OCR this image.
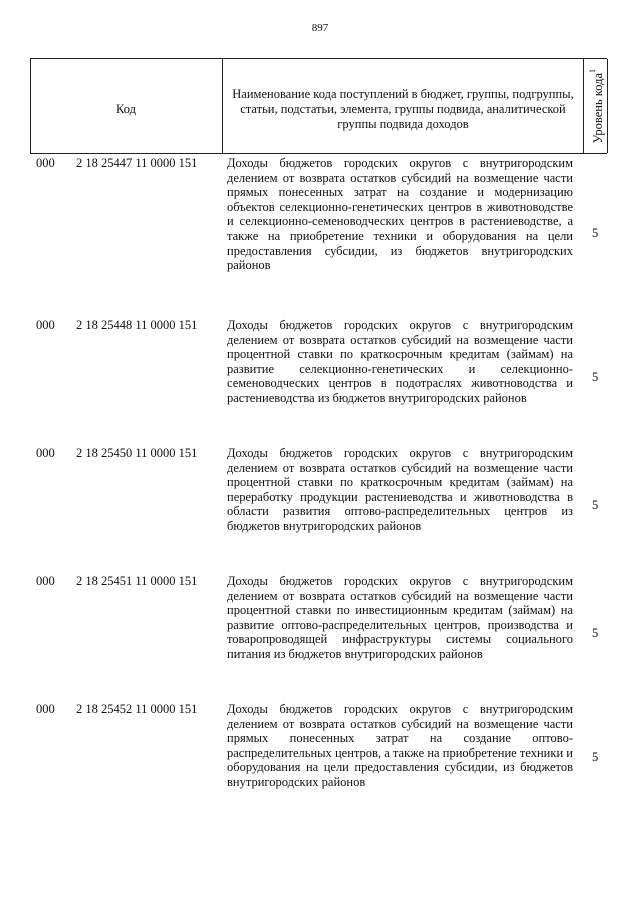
897
Код
Наименование кода поступлений в бюджет, группы, подгруппы, статьи, подстатьи, элемента, группы подвида, аналитической группы подвида доходов	Уровень кода$^1$
000 2 18 25447 11 0000 151 Доходы бюджетов городских округов с внутригородским делением от возврата остатков субсидий на возмещение части прямых понесенных затрат на создание и модернизацию объектов селекционно-генетических центров в животноводстве и селекционно-семеноводческих центров в растениеводстве, а также на приобретение техники и оборудования на цели предоставления субсидии, из бюджетов внутригородских районов
5
000 2 18 25448 11 0000 151 Доходы бюджетов городских округов с внутригородским делением от возврата остатков субсидий на возмещение части процентной ставки по краткосрочным кредитам (займам) на развитие селекционно-генетических и селекционно-семеноводческих центров в подотраслях животноводства и растениеводства из бюджетов внутригородских районов
5
000 2 18 25450 11 0000 151 Доходы бюджетов городских округов с внутригородским делением от возврата остатков субсидий на возмещение части процентной ставки по краткосрочным кредитам (займам) на переработку продукции растениеводства и животноводства в области развития оптово-распределительных центров из бюджетов внутригородских районов
5
000 2 18 25451 11 0000 151 Доходы бюджетов городских округов с внутригородским делением от возврата остатков субсидий на возмещение части процентной ставки по инвестиционным кредитам (займам) на развитие оптово-распределительных центров, производства и товаропроводящей инфраструктуры системы социального питания из бюджетов внутригородских районов
5
000 2 18 25452 11 0000 151 Доходы бюджетов городских округов с внутригородским делением от возврата остатков субсидий на возмещение части прямых понесенных затрат на создание оптово-распределительных центров, а также на приобретение техники и оборудования на цели предоставления субсидии, из бюджетов внутригородских районов
5
